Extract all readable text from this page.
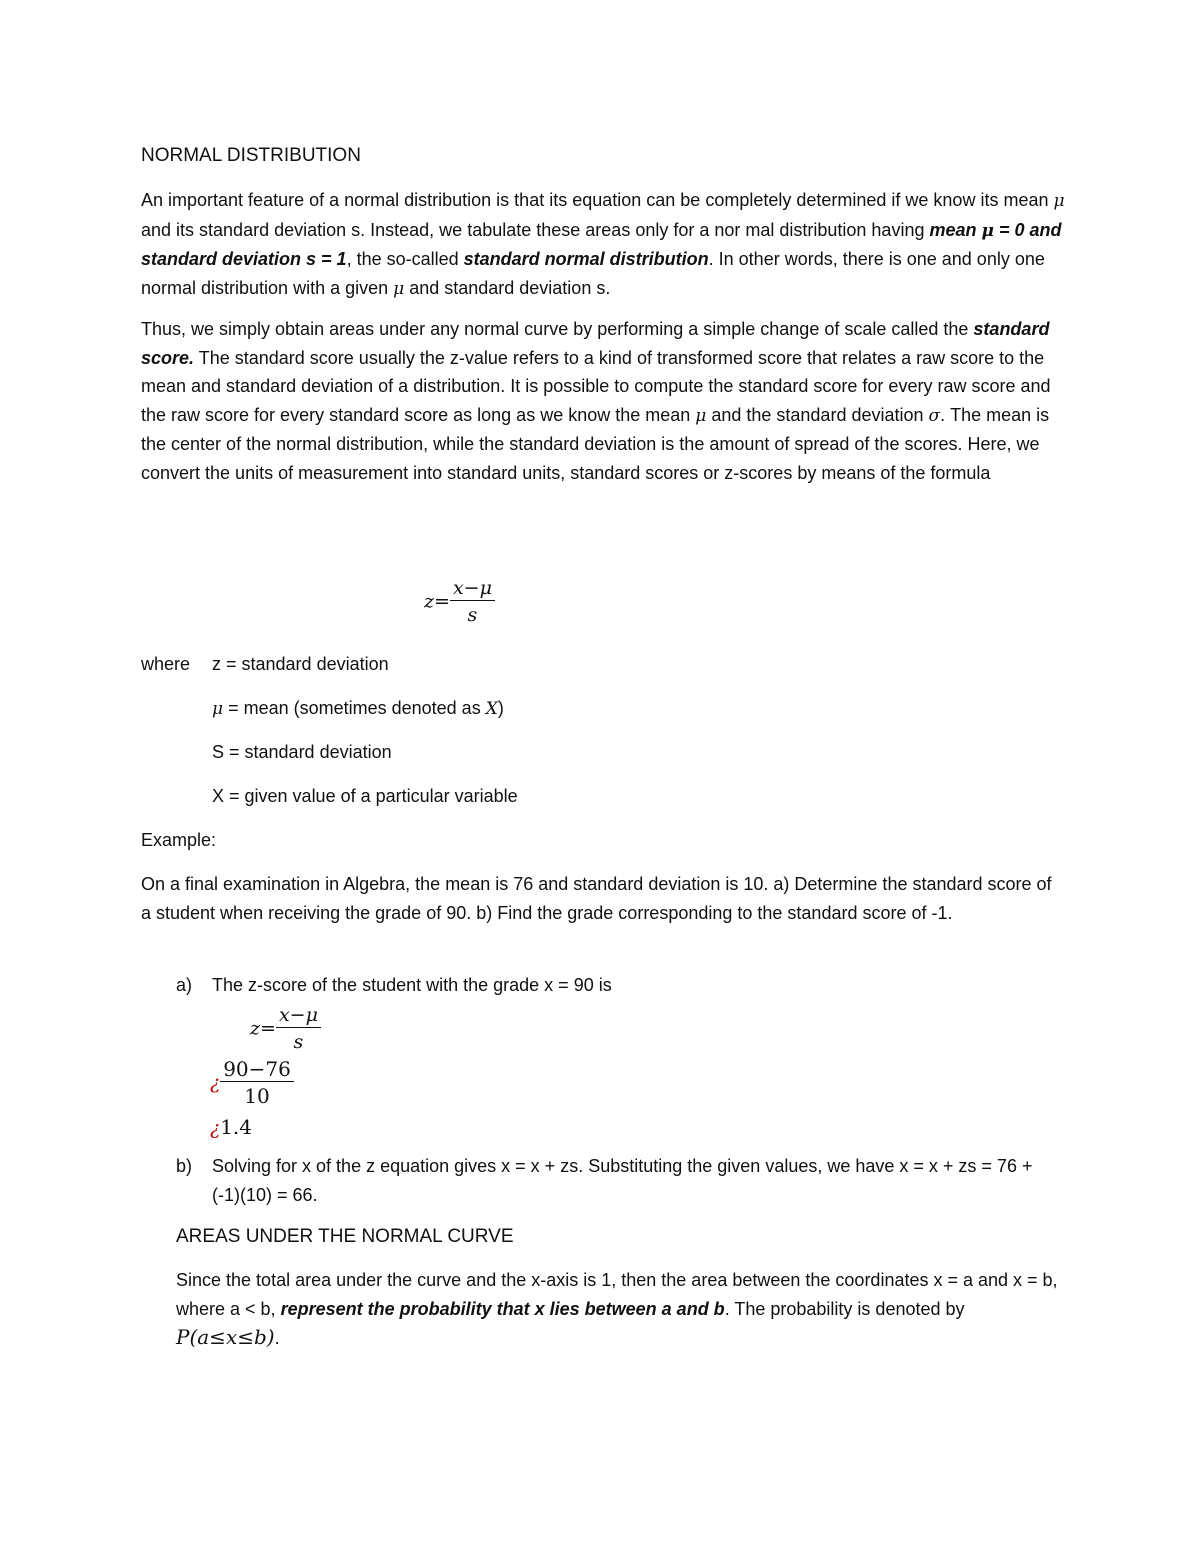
NORMAL DISTRIBUTION

An important feature of a normal distribution is that its equation can be completely determined if we know its mean μ and its standard deviation s. Instead, we tabulate these areas only for a nor mal distribution having mean μ = 0 and standard deviation s = 1, the so-called standard normal distribution. In other words, there is one and only one normal distribution with a given μ and standard deviation s.

Thus, we simply obtain areas under any normal curve by performing a simple change of scale called the standard score. The standard score usually the z-value refers to a kind of transformed score that relates a raw score to the mean and standard deviation of a distribution. It is possible to compute the standard score for every raw score and the raw score for every standard score as long as we know the mean μ and the standard deviation σ. The mean is the center of the normal distribution, while the standard deviation is the amount of spread of the scores. Here, we convert the units of measurement into standard units, standard scores or z-scores by means of the formula

$z= \frac{x-\mu}{s}$
where z = standard deviation
μ = mean (sometimes denoted as X)
S = standard deviation
X = given value of a particular variable
Example:

On a final examination in Algebra, the mean is 76 and standard deviation is 10. a) Determine the standard score of a student when receiving the grade of 90. b) Find the grade corresponding to the standard score of -1.

a) The z-score of the student with the grade x = 90 is
$z= \frac{x-\mu}{s}$
¿ $\frac{90-76}{10}$
¿1.4
b) Solving for x of the z equation gives x = x + zs. Substituting the given values, we have x = x + zs = 76 + (-1)(10) = 66.

AREAS UNDER THE NORMAL CURVE

Since the total area under the curve and the x-axis is 1, then the area between the coordinates x = a and x = b, where a < b, represent the probability that x lies between a and b. The probability is denoted by P(a≤x≤b).
